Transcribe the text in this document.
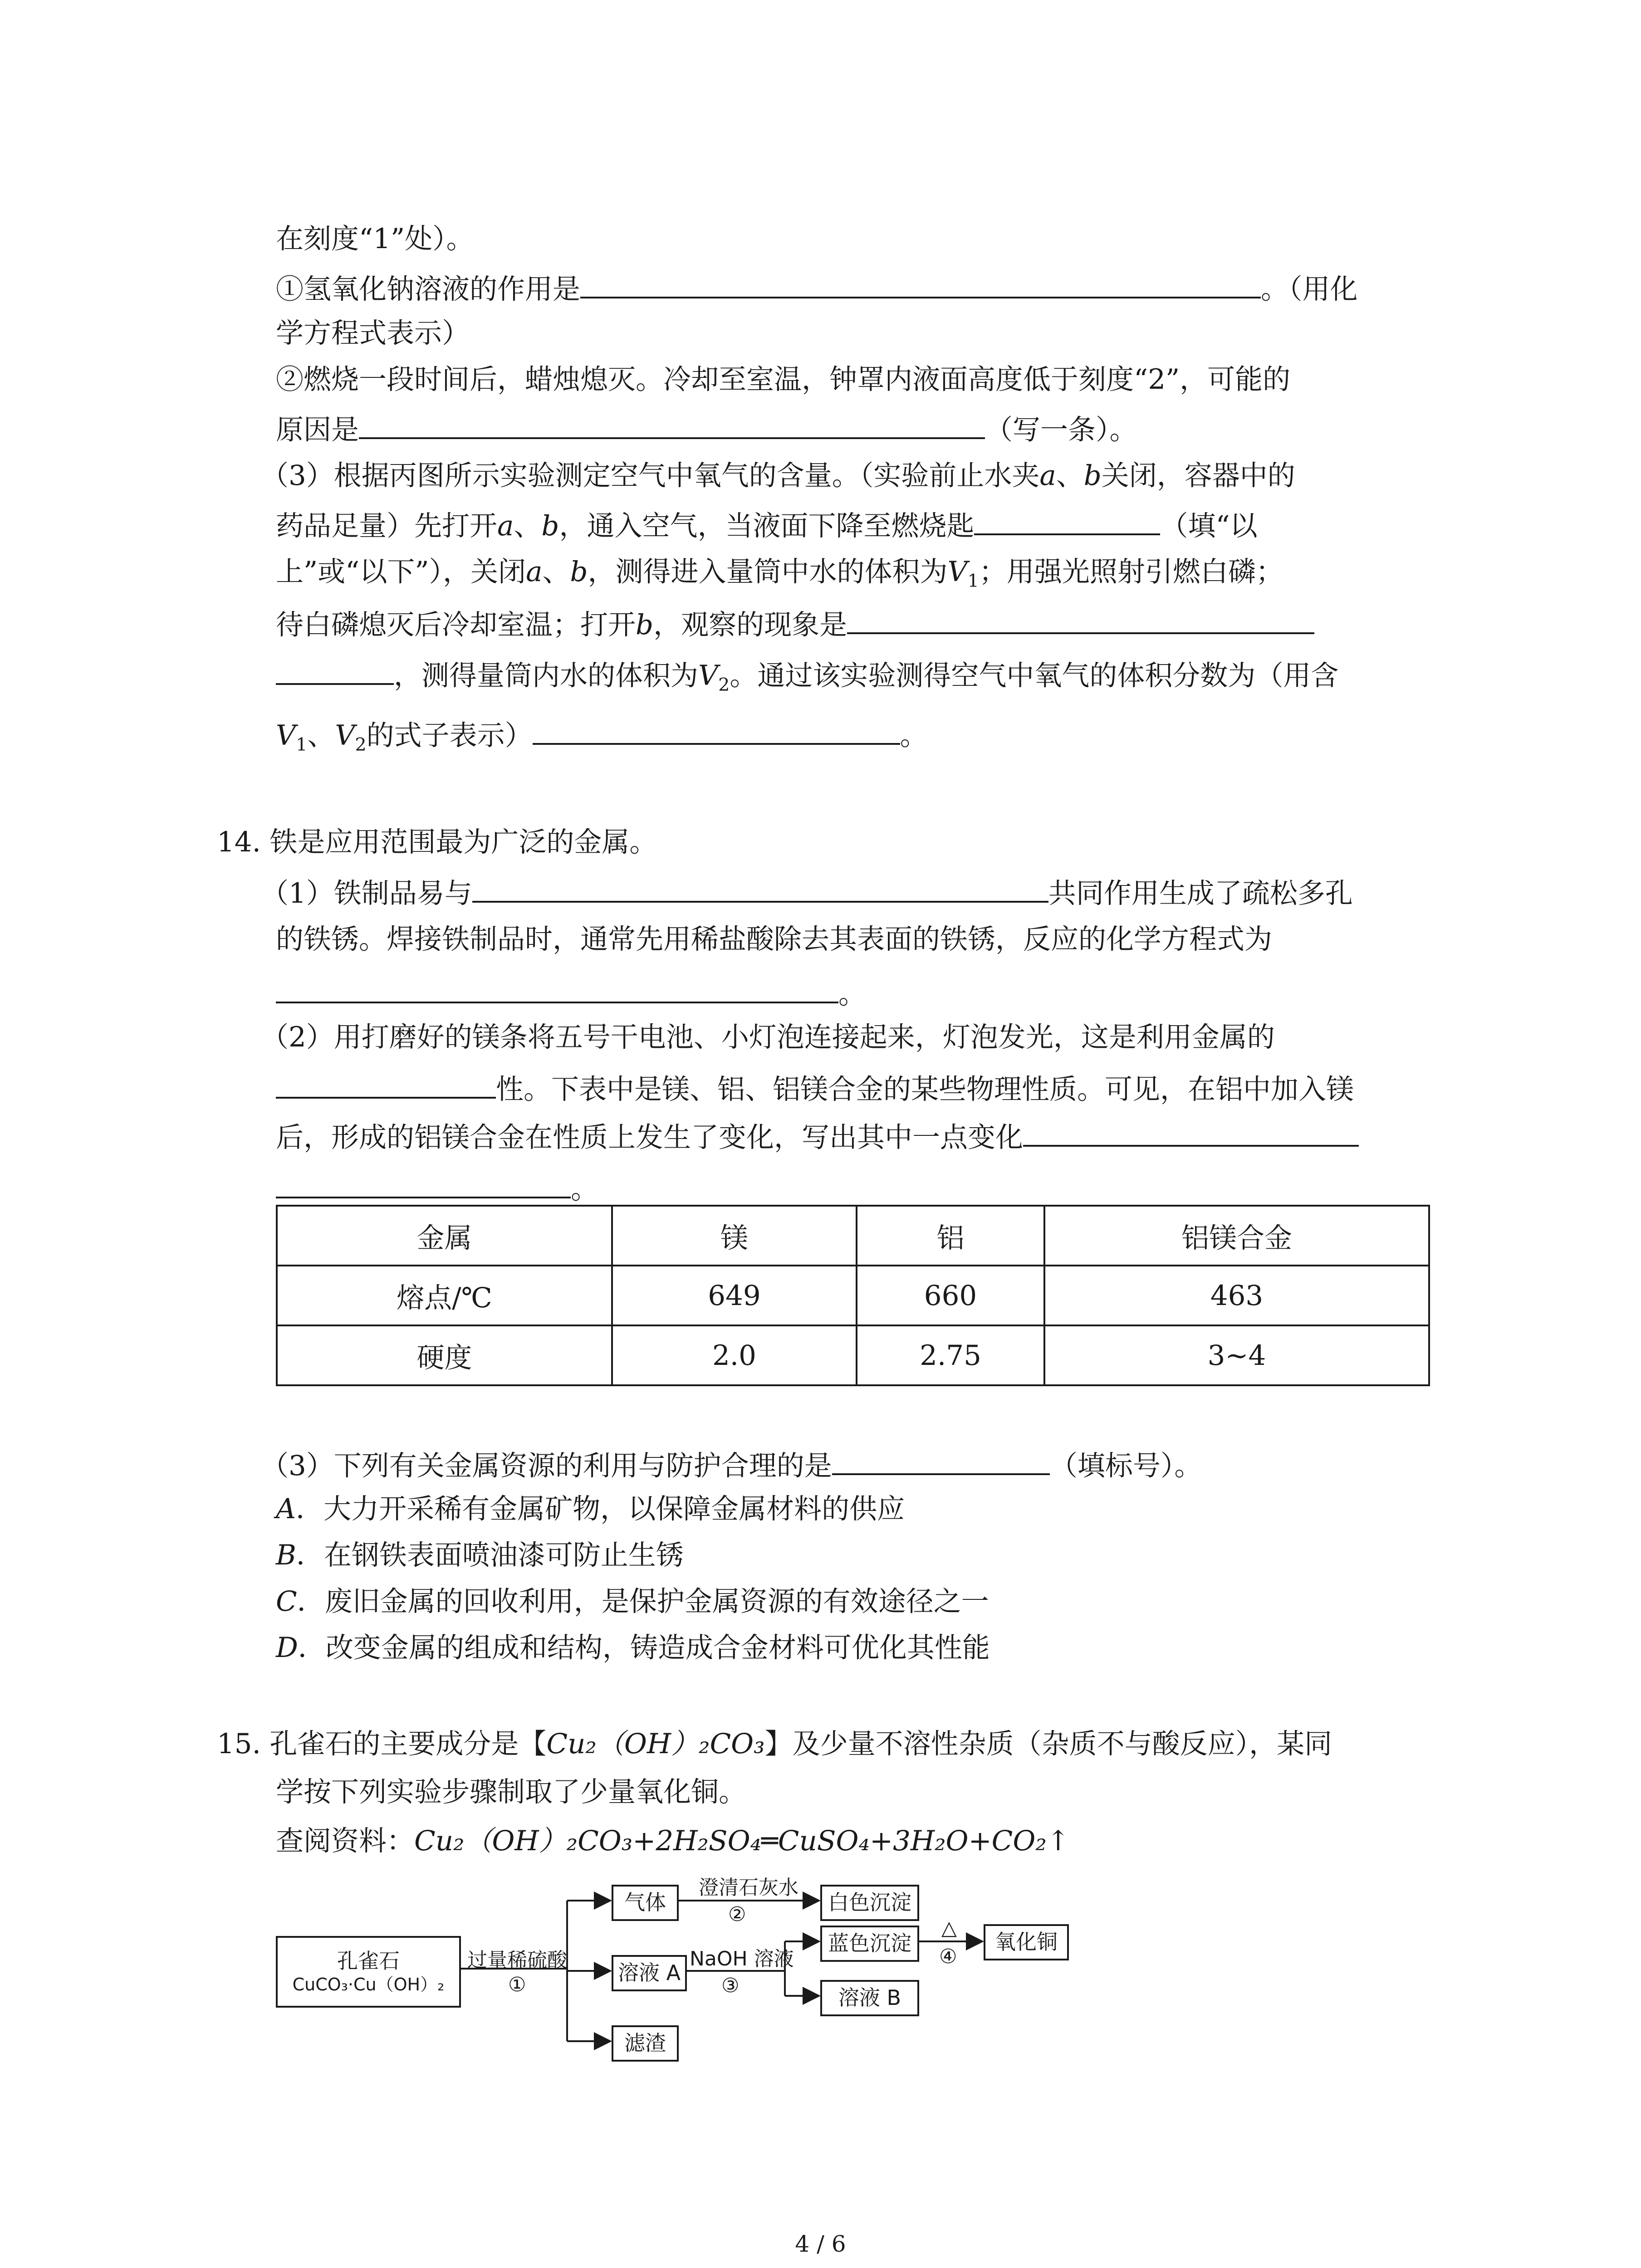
在刻度“1”处）。
①氢氧化钠溶液的作用是	。（用化
学方程式表示）
②燃烧一段时间后，蜡烛熄灭。冷却至室温，钟罩内液面高度低于刻度“2”，可能的
原因是	（写一条）。
（3）根据丙图所示实验测定空气中氧气的含量。（实验前止水夹a、b关闭，容器中的
药品足量）先打开a、b，通入空气，当液面下降至燃烧匙	（填“以
上”或“以下”），关闭a、b，测得进入量筒中水的体积为$V_1$；用强光照射引燃白磷；
待白磷熄灭后冷却室温；打开b，观察的现象是
，测得量筒内水的体积为$V_2$。通过该实验测得空气中氧气的体积分数为（用含
$V_1$、$V_2$的式子表示）	。
14. 铁是应用范围最为广泛的金属。
（1）铁制品易与	共同作用生成了疏松多孔
的铁锈。焊接铁制品时，通常先用稀盐酸除去其表面的铁锈，反应的化学方程式为
。
（2）用打磨好的镁条将五号干电池、小灯泡连接起来，灯泡发光，这是利用金属的
性。下表中是镁、铝、铝镁合金的某些物理性质。可见，在铝中加入镁
后，形成的铝镁合金在性质上发生了变化，写出其中一点变化
。
金属	镁	铝	铝镁合金
熔点/℃	649	660	463
硬度	2.0	2.75	3~4
（3）下列有关金属资源的利用与防护合理的是	（填标号）。
A．大力开采稀有金属矿物，以保障金属材料的供应
B．在钢铁表面喷油漆可防止生锈
C．废旧金属的回收利用，是保护金属资源的有效途径之一
D．改变金属的组成和结构，铸造成合金材料可优化其性能
15. 孔雀石的主要成分是【Cu₂（OH）₂CO₃】及少量不溶性杂质（杂质不与酸反应），某同
学按下列实验步骤制取了少量氧化铜。
查阅资料：Cu₂（OH）₂CO₃+2H₂SO₄═CuSO₄+3H₂O+CO₂↑
孔雀石
CuCO₃·Cu（OH）₂
过量稀硫酸
①
气体
溶液 A
滤渣
澄清石灰水
②
NaOH 溶液
③
白色沉淀
蓝色沉淀
溶液 B
△
④
氧化铜
4 / 6
